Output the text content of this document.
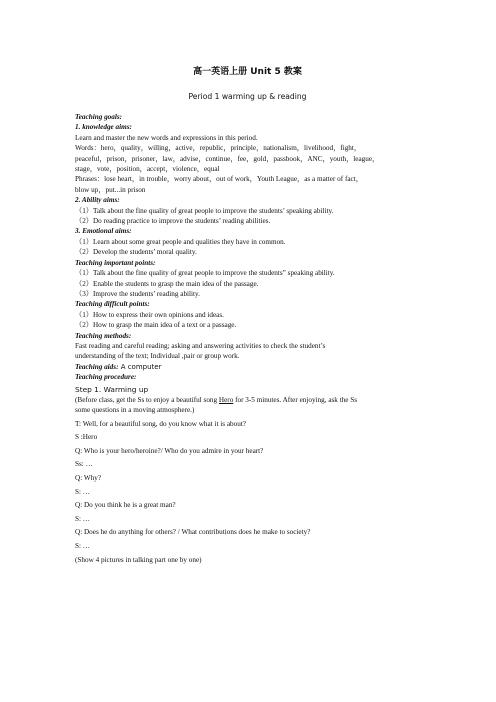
高一英语上册 Unit 5 教案

Period 1 warming up & reading

Teaching goals:

1. knowledge aims:

Learn and master the new words and expressions in this period.

Words：hero，quality，willing，active，republic，principle，nationalism，livelihood，fight，

peaceful，prison，prisoner，law，advise，continue，fee，gold，passbook，ANC，youth，league，

stage，vote，position，accept，violence，equal

Phrases：lose heart，in trouble，worry about，out of work，Youth League，as a matter of fact，

blow up，put...in prison

2. Ability aims:

（1）Talk about the fine quality of great people to improve the students’ speaking ability.

（2）Do reading practice to improve the students’ reading abilities.

3. Emotional aims:

（1）Learn about some great people and qualities they have in common.

（2）Develop the students’ moral quality.

Teaching important points:

（1）Talk about the fine quality of great people to improve the students” speaking ability.

（2）Enable the students to grasp the main idea of the passage.

（3）Improve the students’ reading ability.

Teaching difficult points:

（1）How to express their own opinions and ideas.

（2）How to grasp the main idea of a text or a passage.

Teaching methods:

Fast reading and careful reading; asking and answering activities to check the student’s

understanding of the text; Individual ,pair or group work.

Teaching aids: A computer

Teaching procedure:

Step 1. Warming up

(Before class, get the Ss to enjoy a beautiful song Hero for 3-5 minutes. After enjoying, ask the Ss

some questions in a moving atmosphere.)

T: Well, for a beautiful song, do you know what it is about?

S :Hero

Q: Who is your hero/heroine?/ Who do you admire in your heart?

Ss: …

Q: Why?

S: …

Q: Do you think he is a great man?

S: …

Q: Does he do anything for others? / What contributions does he make to society?

S: …

(Show 4 pictures in talking part one by one)
